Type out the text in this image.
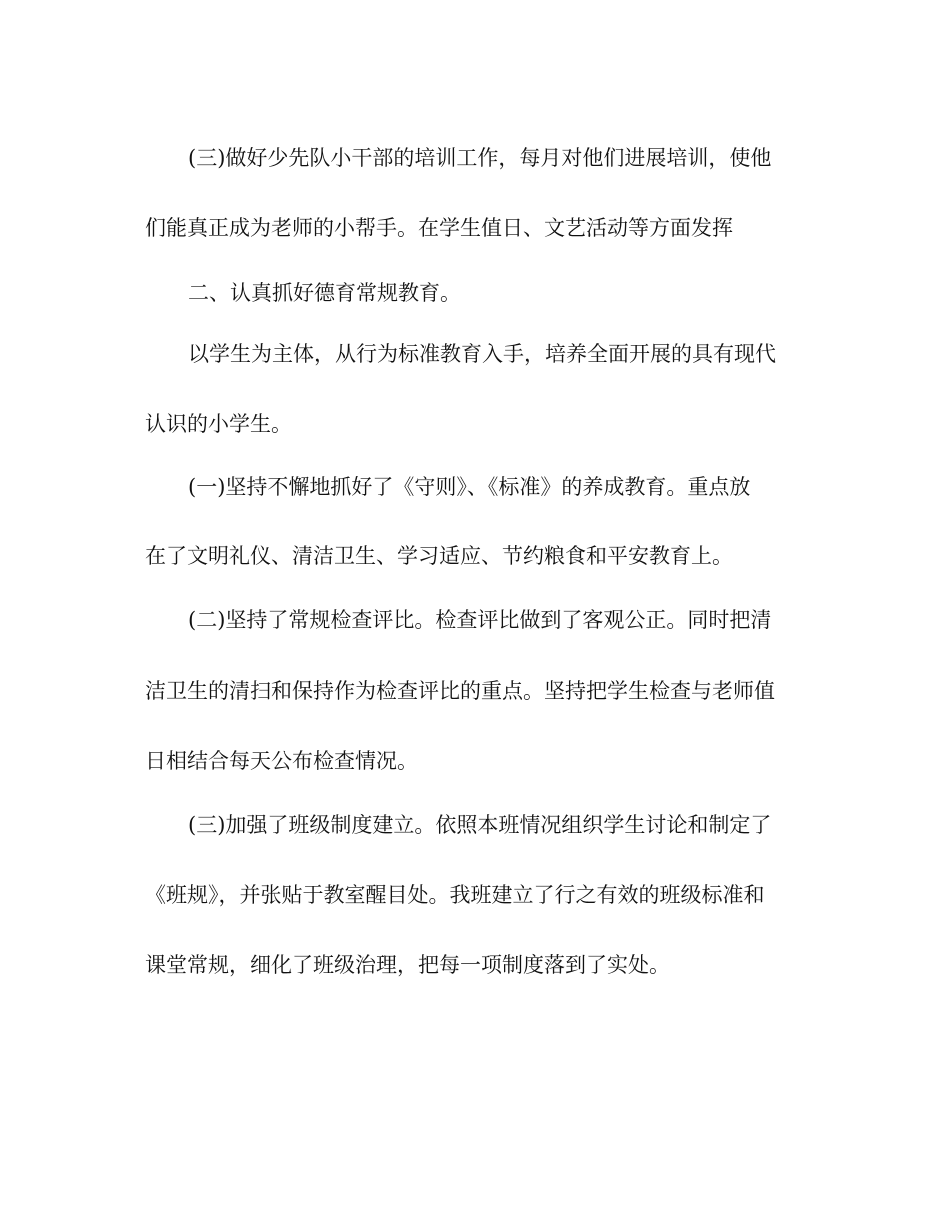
(三)做好少先队小干部的培训工作，每月对他们进展培训，使他
们能真正成为老师的小帮手。在学生值日、文艺活动等方面发挥
二、认真抓好德育常规教育。
以学生为主体，从行为标准教育入手，培养全面开展的具有现代
认识的小学生。
(一)坚持不懈地抓好了《守则》、《标准》的养成教育。重点放
在了文明礼仪、清洁卫生、学习适应、节约粮食和平安教育上。
(二)坚持了常规检查评比。检查评比做到了客观公正。同时把清
洁卫生的清扫和保持作为检查评比的重点。坚持把学生检查与老师值
日相结合每天公布检查情况。
(三)加强了班级制度建立。依照本班情况组织学生讨论和制定了
《班规》，并张贴于教室醒目处。我班建立了行之有效的班级标准和
课堂常规，细化了班级治理，把每一项制度落到了实处。
